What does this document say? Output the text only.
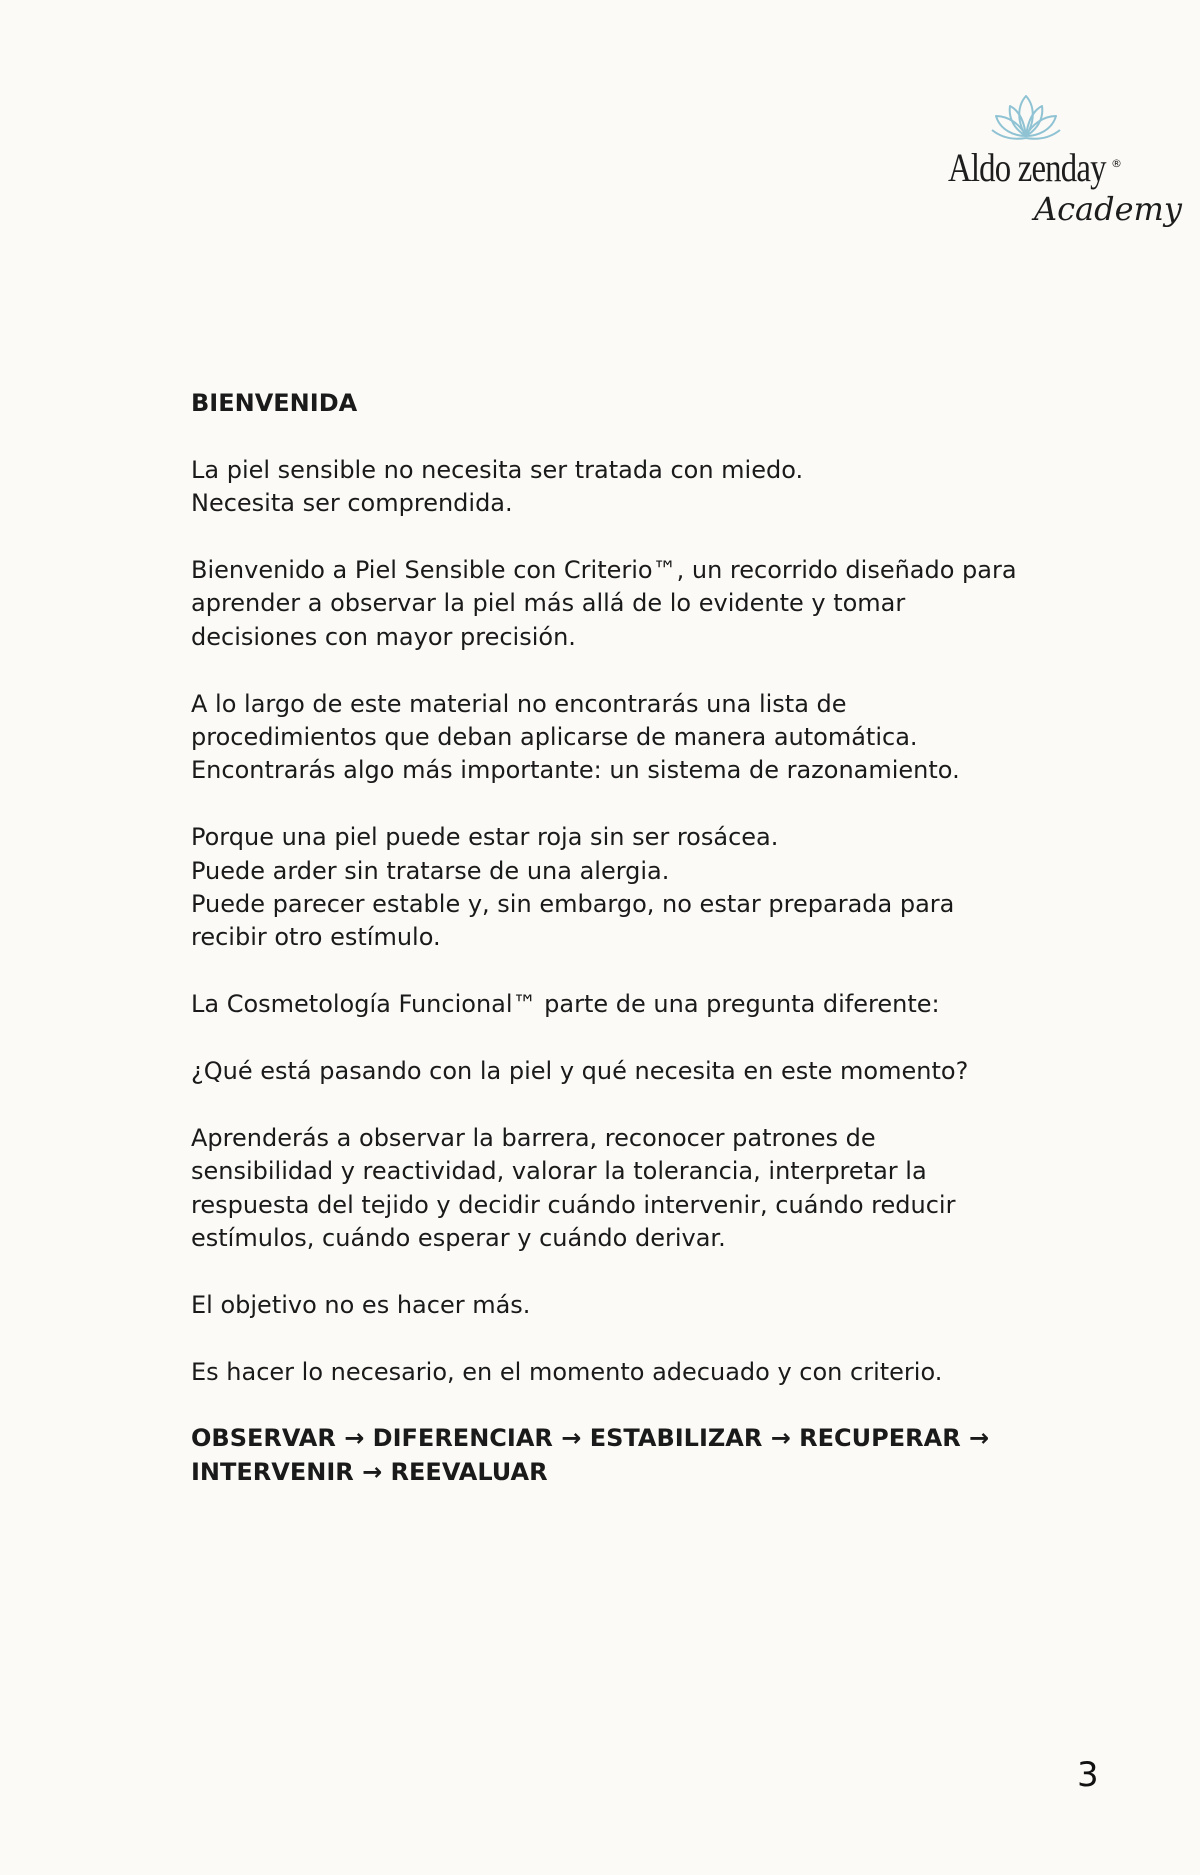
Aldo zenday ®
Academy

BIENVENIDA

La piel sensible no necesita ser tratada con miedo.
Necesita ser comprendida.

Bienvenido a Piel Sensible con Criterio™, un recorrido diseñado para aprender a observar la piel más allá de lo evidente y tomar decisiones con mayor precisión.

A lo largo de este material no encontrarás una lista de procedimientos que deban aplicarse de manera automática. Encontrarás algo más importante: un sistema de razonamiento.

Porque una piel puede estar roja sin ser rosácea.
Puede arder sin tratarse de una alergia.
Puede parecer estable y, sin embargo, no estar preparada para recibir otro estímulo.

La Cosmetología Funcional™ parte de una pregunta diferente:

¿Qué está pasando con la piel y qué necesita en este momento?

Aprenderás a observar la barrera, reconocer patrones de sensibilidad y reactividad, valorar la tolerancia, interpretar la respuesta del tejido y decidir cuándo intervenir, cuándo reducir estímulos, cuándo esperar y cuándo derivar.

El objetivo no es hacer más.

Es hacer lo necesario, en el momento adecuado y con criterio.

OBSERVAR → DIFERENCIAR → ESTABILIZAR → RECUPERAR → INTERVENIR → REEVALUAR

3
